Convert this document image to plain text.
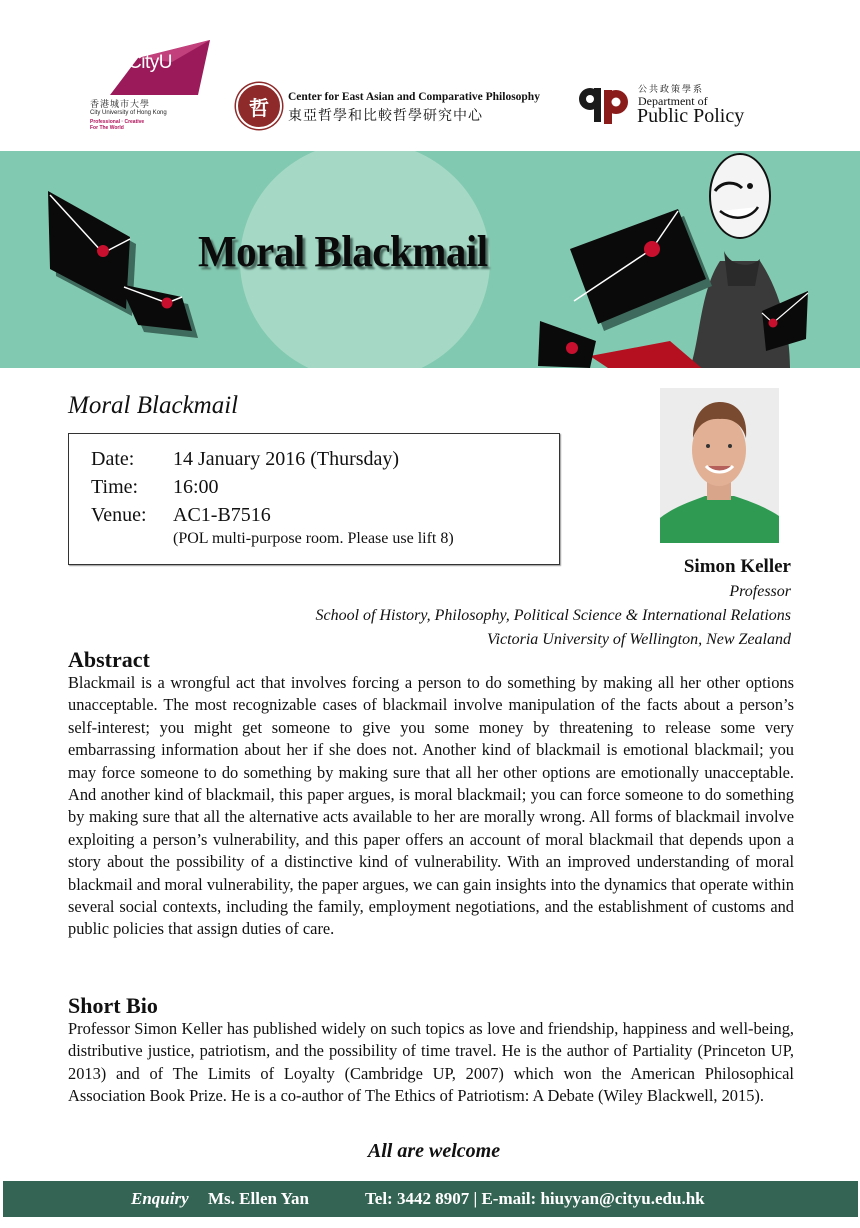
CityU
香港城市大學
City University of Hong Kong
Professional · Creative
For The World
哲	Center for East Asian and Comparative Philosophy
東亞哲學和比較哲學研究中心
公共政策學系
Department of
Public Policy
Moral Blackmail
Moral Blackmail
Date: 14 January 2016 (Thursday)
Time: 16:00
Venue: AC1-B7516
(POL multi-purpose room. Please use lift 8)
Simon Keller
Professor
School of History, Philosophy, Political Science & International Relations
Victoria University of Wellington, New Zealand
Abstract

Blackmail is a wrongful act that involves forcing a person to do something by making all her other options unacceptable. The most recognizable cases of blackmail involve manipulation of the facts about a person’s self-interest; you might get someone to give you some money by threatening to release some very embarrassing information about her if she does not. Another kind of blackmail is emotional blackmail; you may force someone to do something by making sure that all her other options are emotionally unacceptable. And another kind of blackmail, this paper argues, is moral blackmail; you can force someone to do something by making sure that all the alternative acts available to her are morally wrong. All forms of blackmail involve exploiting a person’s vulnerability, and this paper offers an account of moral blackmail that depends upon a story about the possibility of a distinctive kind of vulnerability. With an improved understanding of moral blackmail and moral vulnerability, the paper argues, we can gain insights into the dynamics that operate within several social contexts, including the family, employment negotiations, and the establishment of customs and public policies that assign duties of care.

Short Bio

Professor Simon Keller has published widely on such topics as love and friendship, happiness and well-being, distributive justice, patriotism, and the possibility of time travel. He is the author of Partiality (Princeton UP, 2013) and of The Limits of Loyalty (Cambridge UP, 2007) which won the American Philosophical Association Book Prize. He is a co-author of The Ethics of Patriotism: A Debate (Wiley Blackwell, 2015).

All are welcome
Enquiry Ms. Ellen Yan	Tel: 3442 8907 | E-mail: hiuyyan@cityu.edu.hk
